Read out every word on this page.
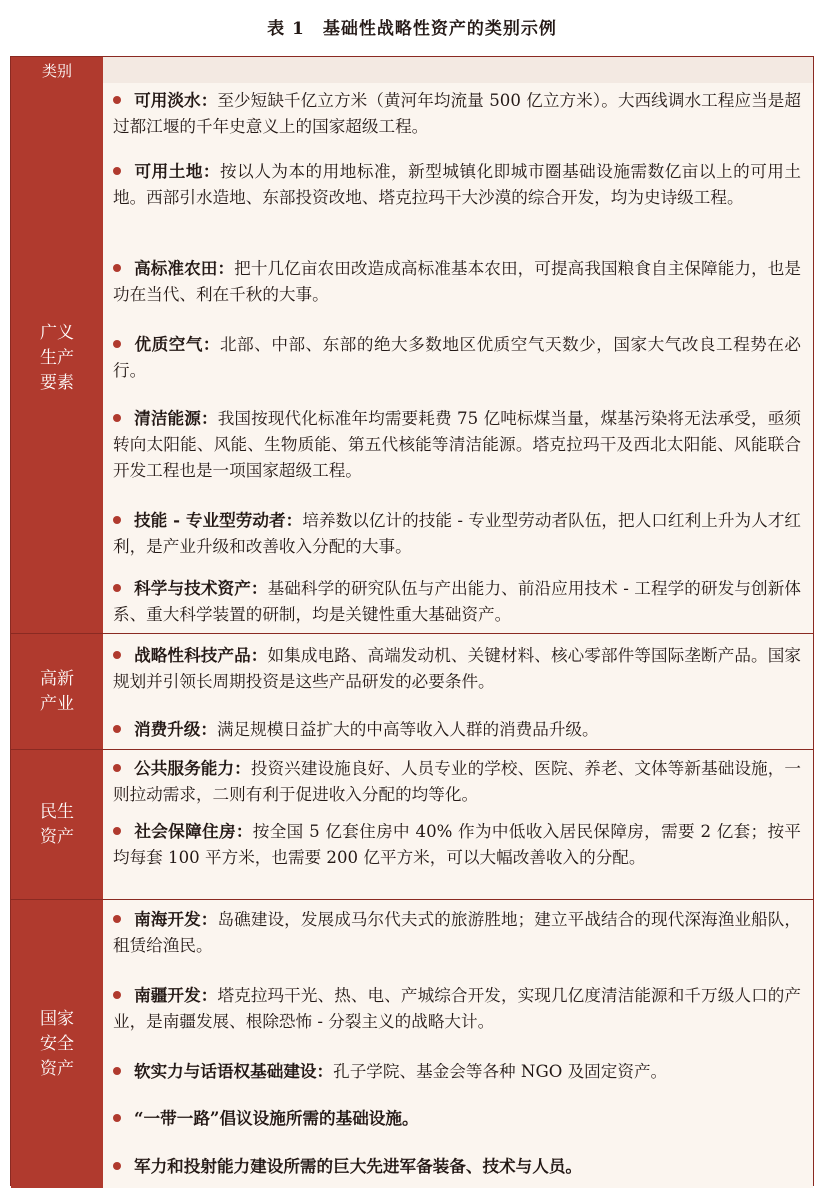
表 1　基础性战略性资产的类别示例
类别
广义
生产
要素
可用淡水：至少短缺千亿立方米（黄河年均流量 500 亿立方米）。大西线调水工程应当是超过都江堰的千年史意义上的国家超级工程。
可用土地：按以人为本的用地标准，新型城镇化即城市圈基础设施需数亿亩以上的可用土地。西部引水造地、东部投资改地、塔克拉玛干大沙漠的综合开发，均为史诗级工程。
高标准农田：把十几亿亩农田改造成高标准基本农田，可提高我国粮食自主保障能力，也是功在当代、利在千秋的大事。
优质空气：北部、中部、东部的绝大多数地区优质空气天数少，国家大气改良工程势在必行。
清洁能源：我国按现代化标准年均需要耗费 75 亿吨标煤当量，煤基污染将无法承受，亟须转向太阳能、风能、生物质能、第五代核能等清洁能源。塔克拉玛干及西北太阳能、风能联合开发工程也是一项国家超级工程。
技能 - 专业型劳动者：培养数以亿计的技能 - 专业型劳动者队伍，把人口红利上升为人才红利，是产业升级和改善收入分配的大事。
科学与技术资产：基础科学的研究队伍与产出能力、前沿应用技术 - 工程学的研发与创新体系、重大科学装置的研制，均是关键性重大基础资产。
高新
产业
战略性科技产品：如集成电路、高端发动机、关键材料、核心零部件等国际垄断产品。国家规划并引领长周期投资是这些产品研发的必要条件。
消费升级：满足规模日益扩大的中高等收入人群的消费品升级。
民生
资产
公共服务能力：投资兴建设施良好、人员专业的学校、医院、养老、文体等新基础设施，一则拉动需求，二则有利于促进收入分配的均等化。
社会保障住房：按全国 5 亿套住房中 40% 作为中低收入居民保障房，需要 2 亿套；按平均每套 100 平方米，也需要 200 亿平方米，可以大幅改善收入的分配。
国家
安全
资产
南海开发：岛礁建设，发展成马尔代夫式的旅游胜地；建立平战结合的现代深海渔业船队，租赁给渔民。
南疆开发：塔克拉玛干光、热、电、产城综合开发，实现几亿度清洁能源和千万级人口的产业，是南疆发展、根除恐怖 - 分裂主义的战略大计。
软实力与话语权基础建设：孔子学院、基金会等各种 NGO 及固定资产。
“一带一路”倡议设施所需的基础设施。
军力和投射能力建设所需的巨大先进军备装备、技术与人员。
